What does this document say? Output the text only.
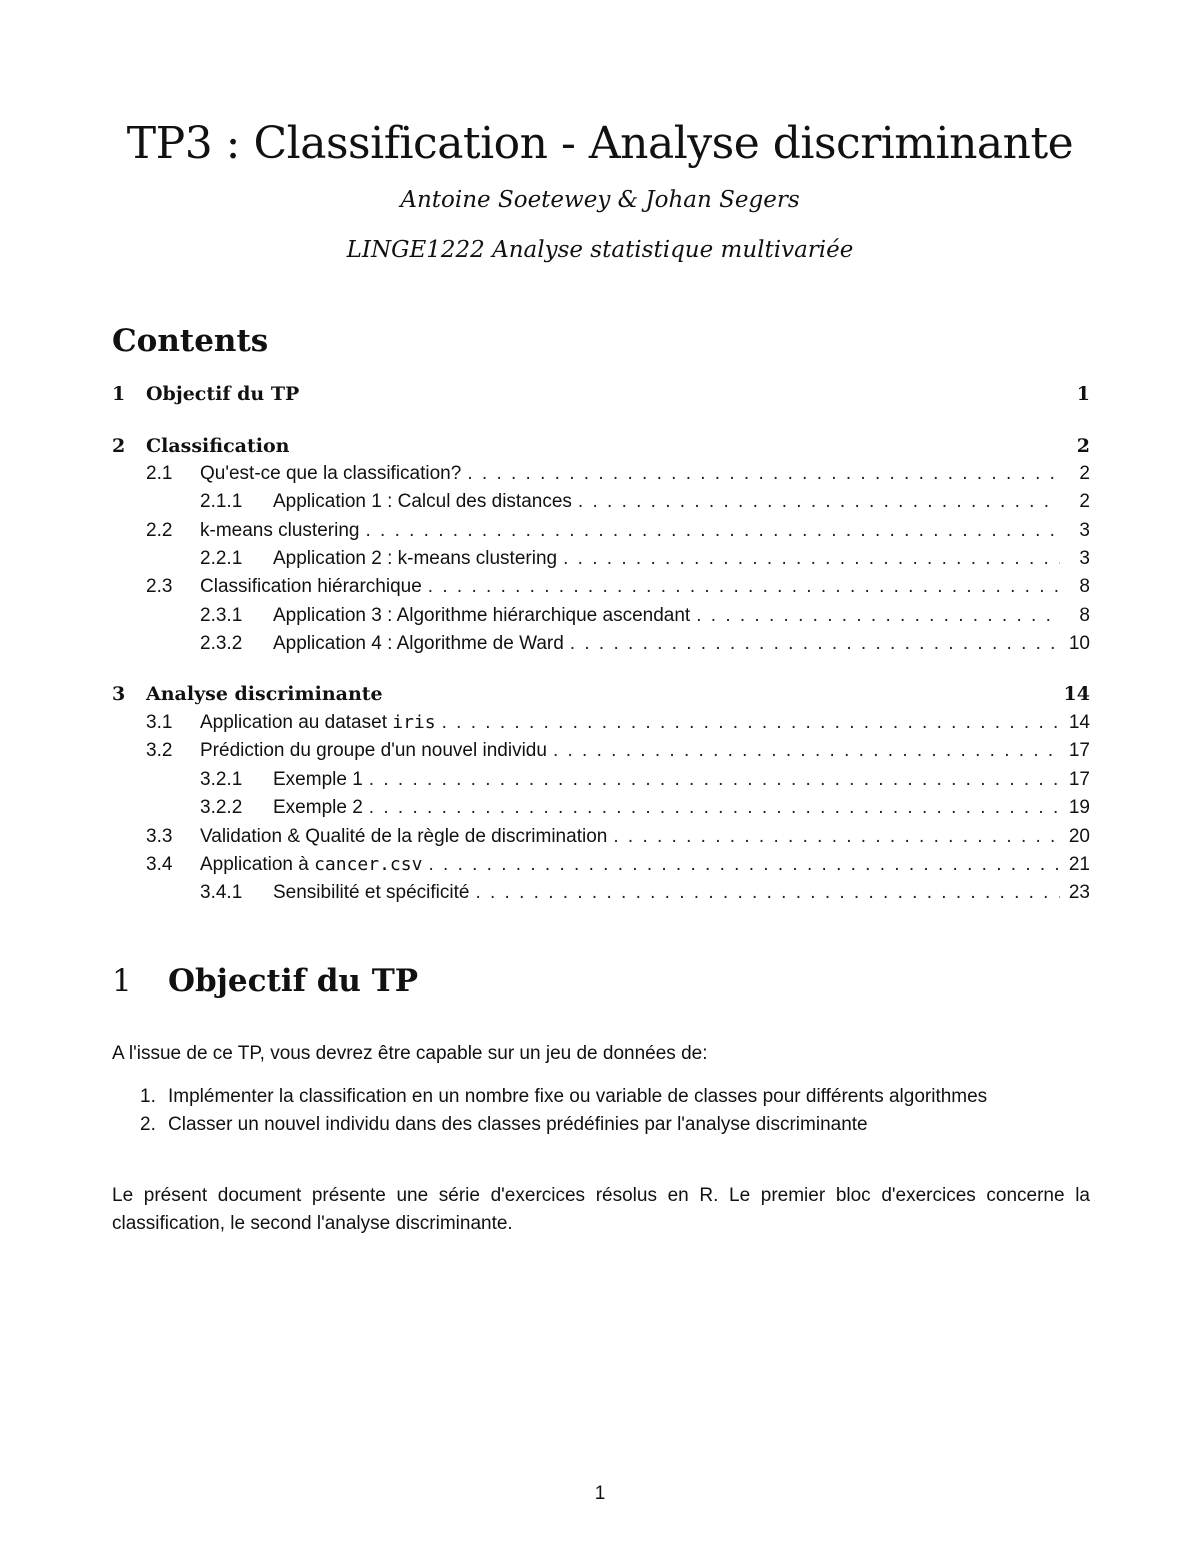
TP3 : Classification - Analyse discriminante
Antoine Soetewey & Johan Segers
LINGE1222 Analyse statistique multivariée
Contents
1	Objectif du TP	1
2	Classification	2
2.1	Qu'est-ce que la classification? . . .	2
2.1.1	Application 1 : Calcul des distances . . .	2
2.2	k-means clustering . . .	3
2.2.1	Application 2 : k-means clustering . . .	3
2.3	Classification hiérarchique . . .	8
2.3.1	Application 3 : Algorithme hiérarchique ascendant . . .	8
2.3.2	Application 4 : Algorithme de Ward . . .	10
3	Analyse discriminante	14
3.1	Application au dataset iris . . .	14
3.2	Prédiction du groupe d'un nouvel individu . . .	17
3.2.1	Exemple 1 . . .	17
3.2.2	Exemple 2 . . .	19
3.3	Validation & Qualité de la règle de discrimination . . .	20
3.4	Application à cancer.csv . . .	21
3.4.1	Sensibilité et spécificité . . .	23
1 Objectif du TP
A l'issue de ce TP, vous devrez être capable sur un jeu de données de:
1. Implémenter la classification en un nombre fixe ou variable de classes pour différents algorithmes
2. Classer un nouvel individu dans des classes prédéfinies par l'analyse discriminante
Le présent document présente une série d'exercices résolus en R. Le premier bloc d'exercices concerne la classification, le second l'analyse discriminante.
1
